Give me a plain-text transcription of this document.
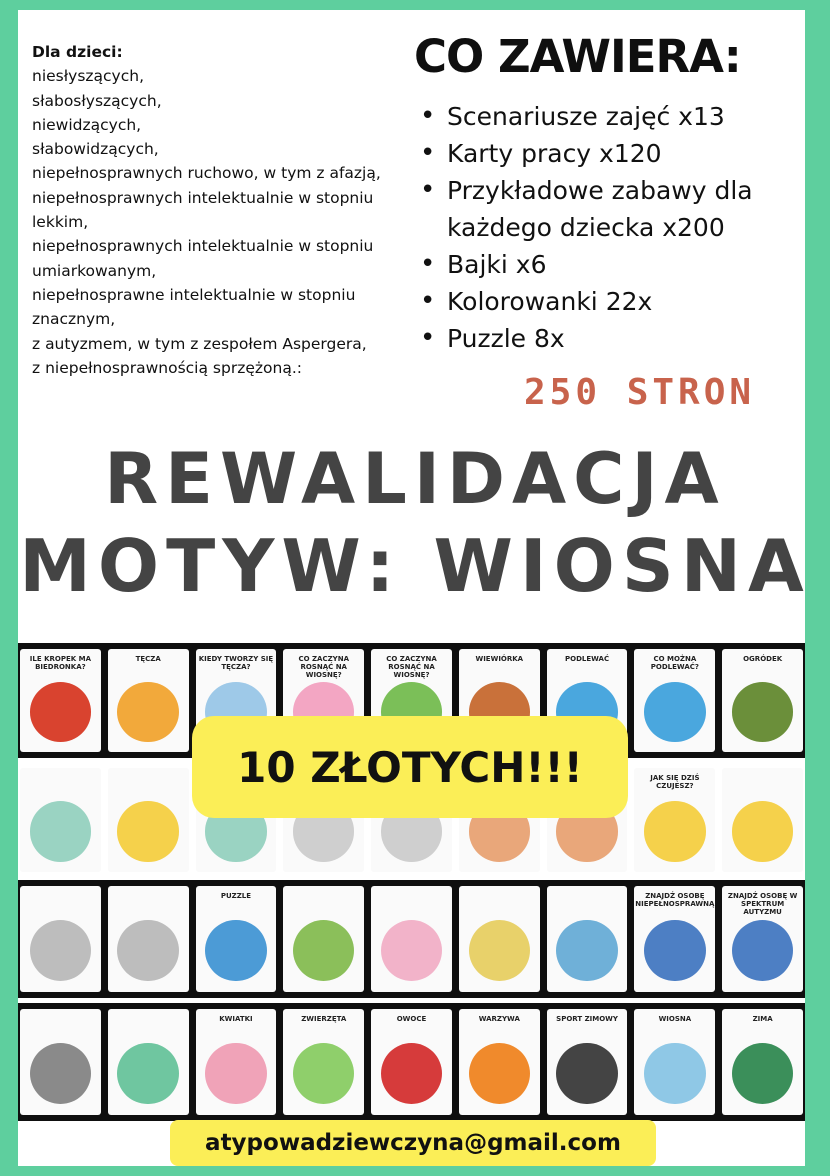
Dla dzieci:
niesłyszących,
słabosłyszących,
niewidzących,
słabowidzących,
niepełnosprawnych ruchowo, w tym z afazją,
niepełnosprawnych intelektualnie w stopniu lekkim,
niepełnosprawnych intelektualnie w stopniu umiarkowanym,
niepełnosprawne intelektualnie w stopniu znacznym,
z autyzmem, w tym z zespołem Aspergera,
z niepełnosprawnością sprzężoną.:
CO ZAWIERA:
• Scenariusze zajęć x13
• Karty pracy x120
• Przykładowe zabawy dla każdego dziecka x200
• Bajki x6
• Kolorowanki 22x
• Puzzle 8x
250 STRON
REWALIDACJA
MOTYW: WIOSNA
ILE KROPEK MA BIEDRONKA?
TĘCZA	KIEDY TWORZY SIĘ TĘCZA?
CO ZACZYNA ROSNĄĆ NA WIOSNĘ?
CO ZACZYNA ROSNĄĆ NA WIOSNĘ?
WIEWIÓRKA	PODLEWAĆ	CO MOŻNA PODLEWAĆ?
OGRÓDEK
JAK SIĘ DZIŚ CZUJESZ?
PUZZLE	ZNAJDŹ OSOBĘ NIEPEŁNOSPRAWNĄ
ZNAJDŹ OSOBĘ W SPEKTRUM AUTYZMU
KWIATKI	ZWIERZĘTA	OWOCE	WARZYWA	SPORT ZIMOWY	WIOSNA	ZIMA
10 ZŁOTYCH!!!
atypowadziewczyna@gmail.com
